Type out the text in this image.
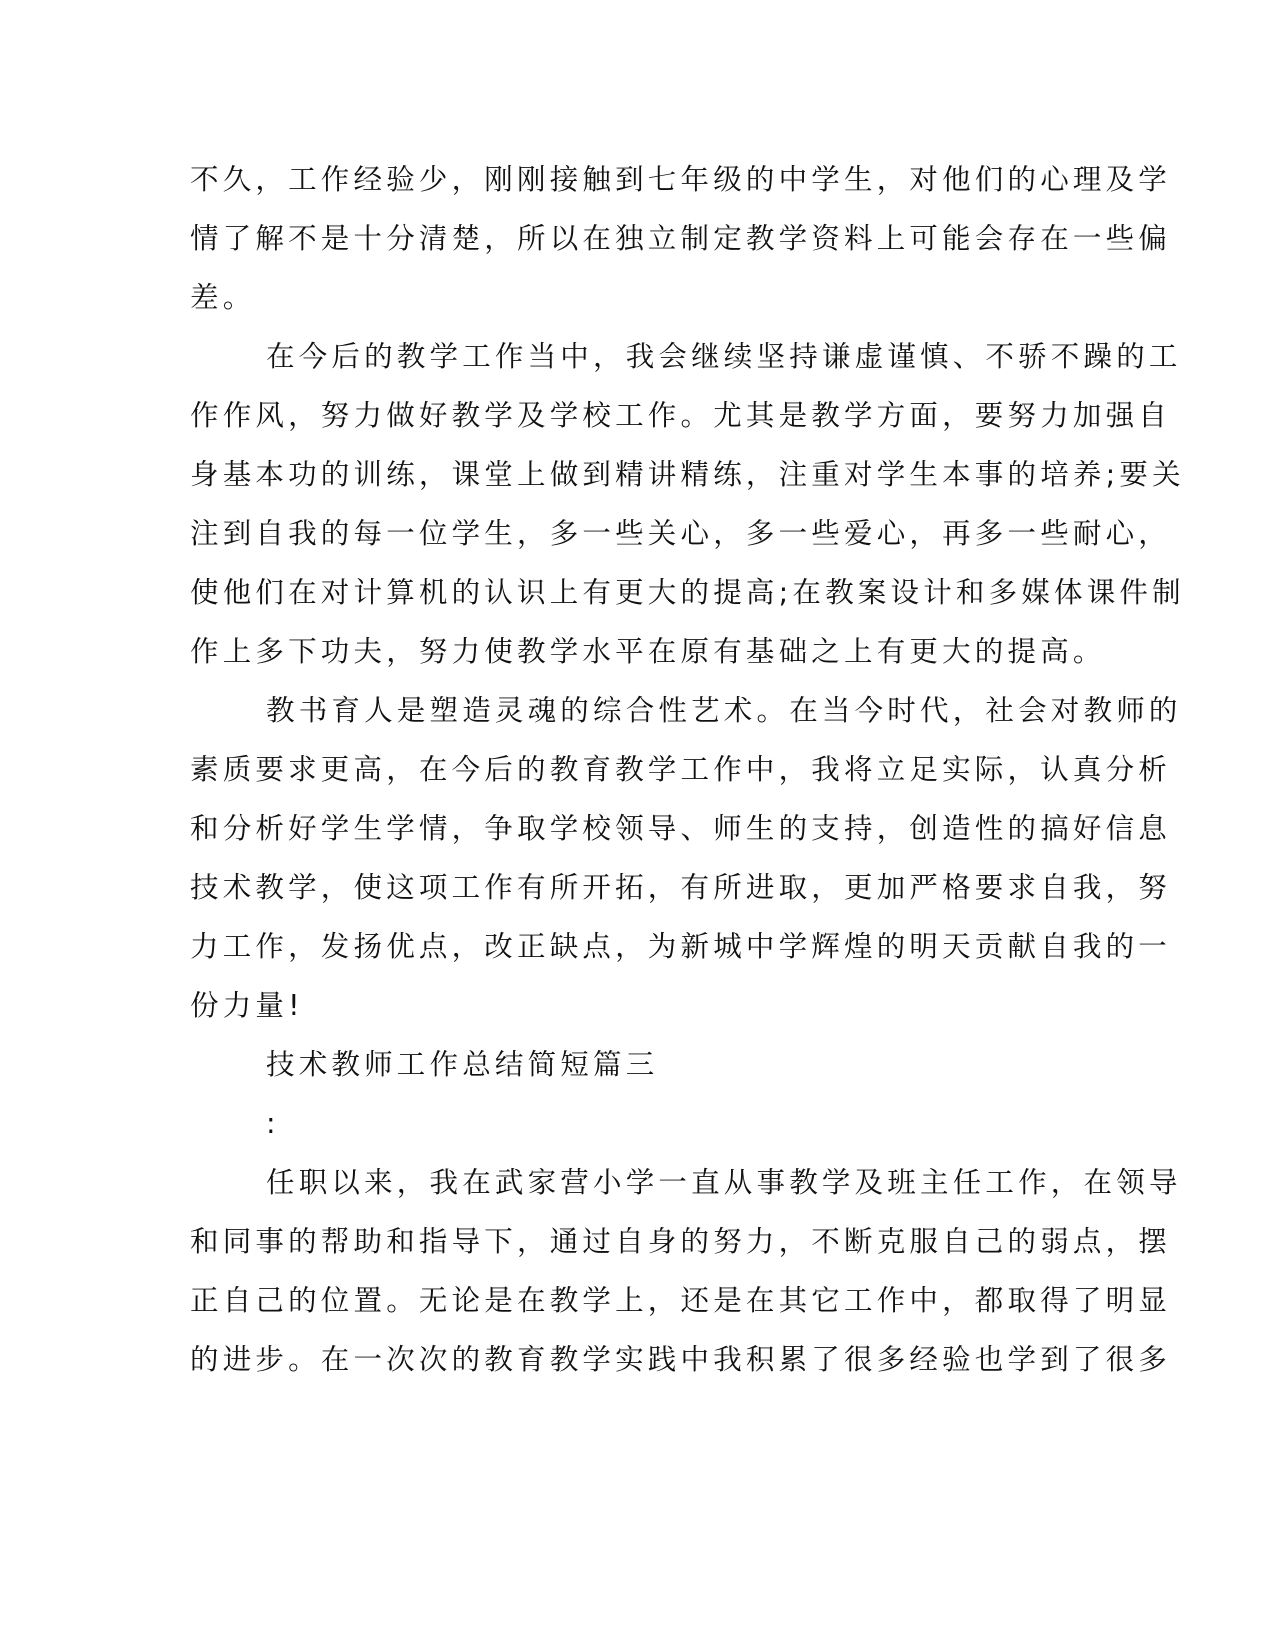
不久，工作经验少，刚刚接触到七年级的中学生，对他们的心理及学

情了解不是十分清楚，所以在独立制定教学资料上可能会存在一些偏

差。

在今后的教学工作当中，我会继续坚持谦虚谨慎、不骄不躁的工

作作风，努力做好教学及学校工作。尤其是教学方面，要努力加强自

身基本功的训练，课堂上做到精讲精练，注重对学生本事的培养;要关

注到自我的每一位学生，多一些关心，多一些爱心，再多一些耐心，

使他们在对计算机的认识上有更大的提高;在教案设计和多媒体课件制

作上多下功夫，努力使教学水平在原有基础之上有更大的提高。

教书育人是塑造灵魂的综合性艺术。在当今时代，社会对教师的

素质要求更高，在今后的教育教学工作中，我将立足实际，认真分析

和分析好学生学情，争取学校领导、师生的支持，创造性的搞好信息

技术教学，使这项工作有所开拓，有所进取，更加严格要求自我，努

力工作，发扬优点，改正缺点，为新城中学辉煌的明天贡献自我的一

份力量!

技术教师工作总结简短篇三

:

任职以来，我在武家营小学一直从事教学及班主任工作，在领导

和同事的帮助和指导下，通过自身的努力，不断克服自己的弱点，摆

正自己的位置。无论是在教学上，还是在其它工作中，都取得了明显

的进步。在一次次的教育教学实践中我积累了很多经验也学到了很多
